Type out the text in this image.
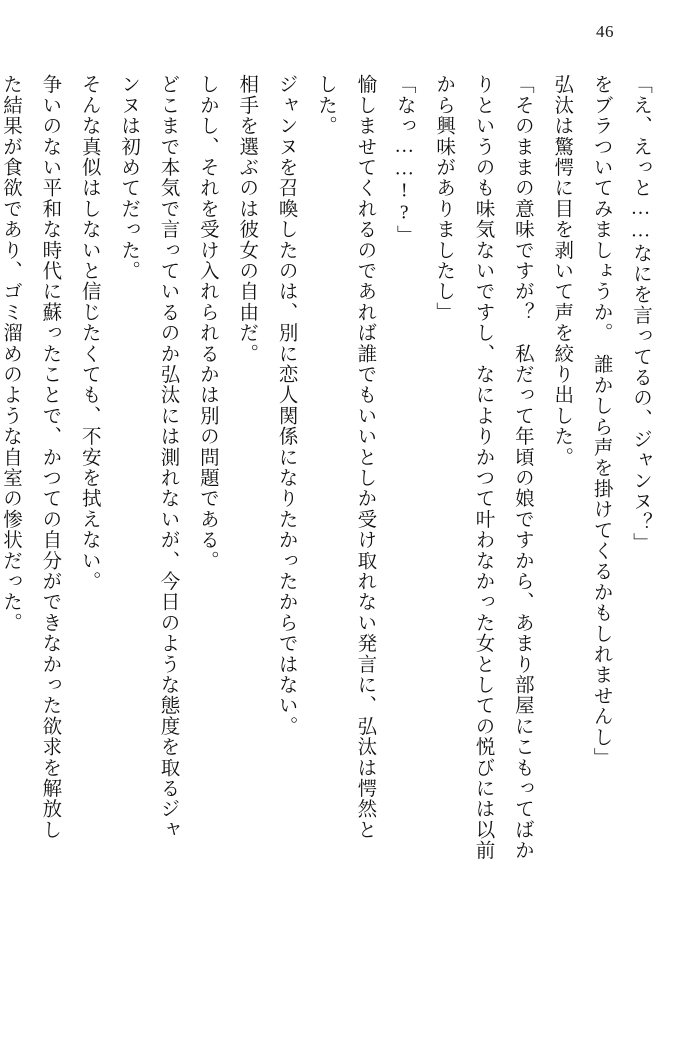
46

「え、えっと……なにを言ってるの、ジャンヌ？」

をブラついてみましょうか。　誰かしら声を掛けてくるかもしれませんし」

弘汰は驚愕に目を剥いて声を絞り出した。

「そのままの意味ですが？　私だって年頃の娘ですから、あまり部屋にこもってばか

りというのも味気ないですし、なによりかつて叶わなかった女としての悦びには以前

から興味がありましたし」

「なっ……!?」

愉しませてくれるのであれば誰でもいいとしか受け取れない発言に、弘汰は愕然と

した。

ジャンヌを召喚したのは、別に恋人関係になりたかったからではない。

相手を選ぶのは彼女の自由だ。

しかし、それを受け入れられるかは別の問題である。

どこまで本気で言っているのか弘汰には測れないが、今日のような態度を取るジャ

ンヌは初めてだった。

そんな真似はしないと信じたくても、不安を拭えない。

争いのない平和な時代に蘇ったことで、かつての自分ができなかった欲求を解放し

た結果が食欲であり、ゴミ溜めのような自室の惨状だった。
